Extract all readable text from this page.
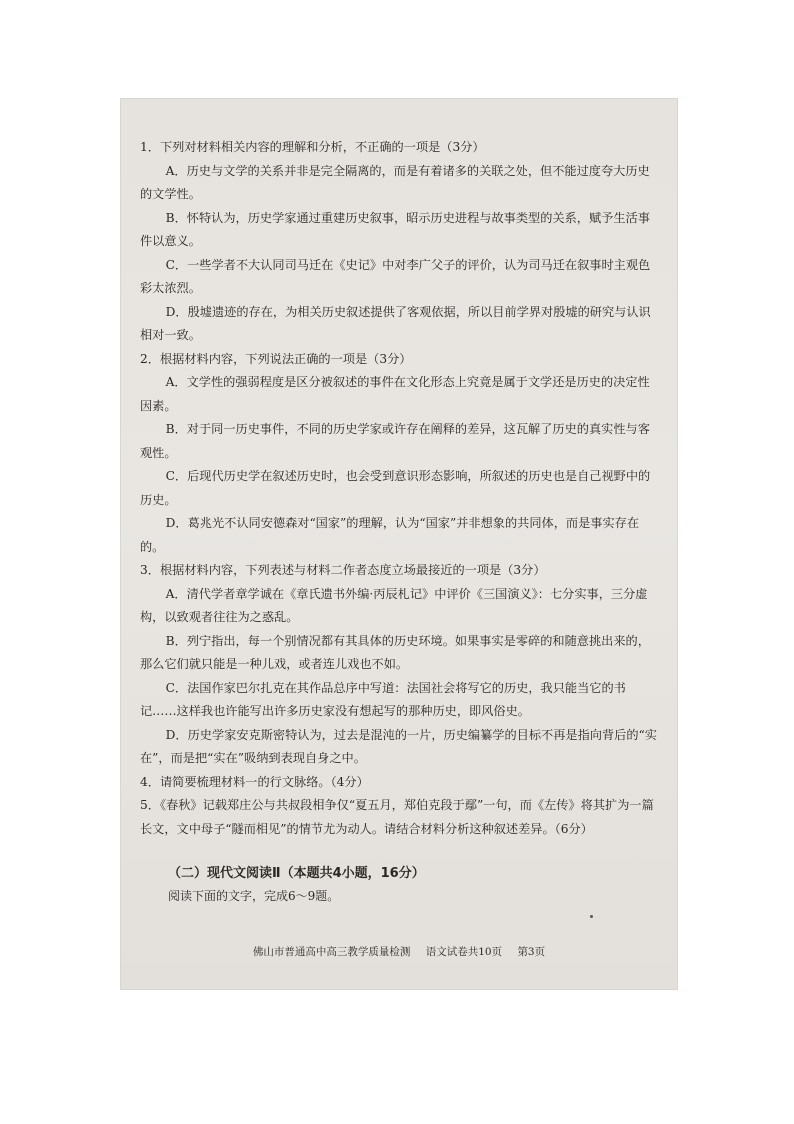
1．下列对材料相关内容的理解和分析，不正确的一项是（3分）

A．历史与文学的关系并非是完全隔离的，而是有着诸多的关联之处，但不能过度夸大历史的文学性。

B．怀特认为，历史学家通过重建历史叙事，昭示历史进程与故事类型的关系，赋予生活事件以意义。

C．一些学者不大认同司马迁在《史记》中对李广父子的评价，认为司马迁在叙事时主观色彩太浓烈。

D．殷墟遗迹的存在，为相关历史叙述提供了客观依据，所以目前学界对殷墟的研究与认识相对一致。

2．根据材料内容，下列说法正确的一项是（3分）

A．文学性的强弱程度是区分被叙述的事件在文化形态上究竟是属于文学还是历史的决定性因素。

B．对于同一历史事件，不同的历史学家或许存在阐释的差异，这瓦解了历史的真实性与客观性。

C．后现代历史学在叙述历史时，也会受到意识形态影响，所叙述的历史也是自己视野中的历史。

D．葛兆光不认同安德森对“国家”的理解，认为“国家”并非想象的共同体，而是事实存在的。

3．根据材料内容，下列表述与材料二作者态度立场最接近的一项是（3分）

A．清代学者章学诚在《章氏遗书外编·丙辰札记》中评价《三国演义》：七分实事，三分虚构，以致观者往往为之惑乱。

B．列宁指出，每一个别情况都有其具体的历史环境。如果事实是零碎的和随意挑出来的，那么它们就只能是一种儿戏，或者连儿戏也不如。

C．法国作家巴尔扎克在其作品总序中写道：法国社会将写它的历史，我只能当它的书记……这样我也许能写出许多历史家没有想起写的那种历史，即风俗史。

D．历史学家安克斯密特认为，过去是混沌的一片，历史编纂学的目标不再是指向背后的“实在”，而是把“实在”吸纳到表现自身之中。

4．请简要梳理材料一的行文脉络。（4分）

5．《春秋》记载郑庄公与共叔段相争仅“夏五月，郑伯克段于鄢”一句，而《左传》将其扩为一篇长文，文中母子“隧而相见”的情节尤为动人。请结合材料分析这种叙述差异。（6分）

（二）现代文阅读Ⅱ（本题共4小题，16分）

阅读下面的文字，完成6～9题。

佛山市普通高中高三教学质量检测 语文试卷共10页 第3页
